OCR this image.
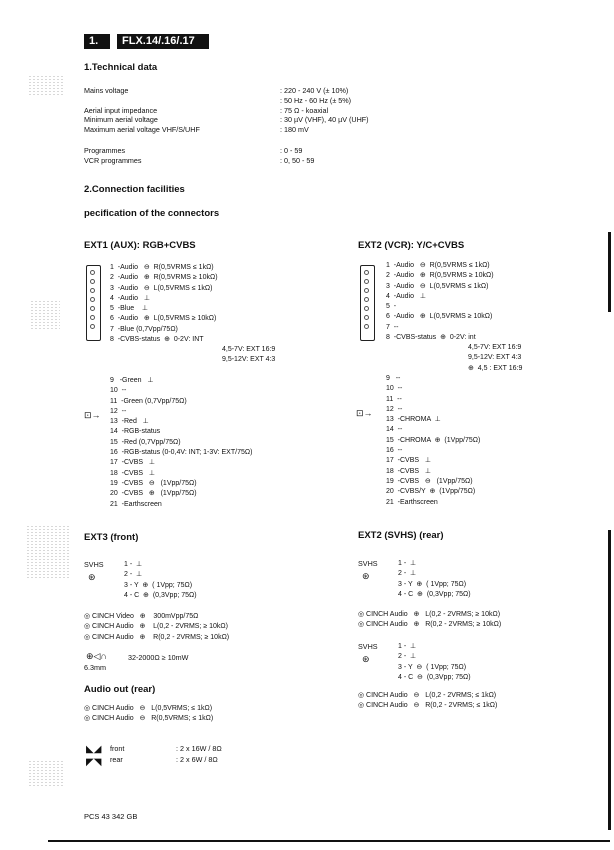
1.	FLX.14/.16/.17
1.Technical data
Mains voltage	: 220 - 240 V (± 10%)
: 50 Hz - 60 Hz (± 5%)
Aerial input impedance	: 75 Ω - koaxial
Minimum aerial voltage	: 30 µV (VHF), 40 µV (UHF)
Maximum aerial voltage VHF/S/UHF	: 180 mV
Programmes	: 0 - 59
VCR programmes	: 0, 50 - 59
2.Connection facilities
pecification of the connectors
EXT1 (AUX): RGB+CVBS
1  -Audio   ⊖  R(0,5VRMS ≤ 1kΩ)
2  -Audio   ⊕  R(0,5VRMS ≥ 10kΩ)
3  -Audio   ⊖  L(0,5VRMS ≤ 1kΩ)
4  -Audio   ⊥
5  -Blue    ⊥
6  -Audio   ⊕  L(0,5VRMS ≥ 10kΩ)
7  -Blue (0,7Vpp/75Ω)
8  -CVBS-status  ⊕  0-2V: INT
4,5-7V: EXT 16:9
9,5-12V: EXT 4:3
⊡→
9   -Green   ⊥
10  --
11  -Green (0,7Vpp/75Ω)
12  --
13  -Red   ⊥
14  -RGB-status
15  -Red (0,7Vpp/75Ω)
16  -RGB-status (0-0,4V: INT; 1-3V: EXT/75Ω)
17  -CVBS   ⊥
18  -CVBS   ⊥
19  -CVBS   ⊖   (1Vpp/75Ω)
20  -CVBS   ⊕   (1Vpp/75Ω)
21  -Earthscreen
EXT2 (VCR): Y/C+CVBS
1  -Audio   ⊖  R(0,5VRMS ≤ 1kΩ)
2  -Audio   ⊕  R(0,5VRMS ≥ 10kΩ)
3  -Audio   ⊖  L(0,5VRMS ≤ 1kΩ)
4  -Audio   ⊥
5  -
6  -Audio   ⊕  L(0,5VRMS ≥ 10kΩ)
7  --
8  -CVBS-status  ⊕  0-2V: int
4,5-7V: EXT 16:9
9,5-12V: EXT 4:3
⊕  4,5 : EXT 16:9
⊡→
9   --
10  --
11  --
12  --
13  -CHROMA  ⊥
14  --
15  -CHROMA  ⊕  (1Vpp/75Ω)
16  --
17  -CVBS   ⊥
18  -CVBS   ⊥
19  -CVBS   ⊖   (1Vpp/75Ω)
20  -CVBS/Y  ⊕  (1Vpp/75Ω)
21  -Earthscreen
EXT3 (front)
SVHS
⊛
1 -  ⊥
2 -  ⊥
3 - Y  ⊕  ( 1Vpp; 75Ω)
4 - C  ⊕  (0,3Vpp; 75Ω)
◎ CINCH Video   ⊕    300mVpp/75Ω
◎ CINCH Audio   ⊕    L(0,2 - 2VRMS; ≥ 10kΩ)
◎ CINCH Audio   ⊕    R(0,2 - 2VRMS; ≥ 10kΩ)
⊕◁∩	32-2000Ω ≥ 10mW
6.3mm
EXT2 (SVHS) (rear)
SVHS
⊛
1 -  ⊥
2 -  ⊥
3 - Y  ⊕  ( 1Vpp; 75Ω)
4 - C  ⊕  (0,3Vpp; 75Ω)
◎ CINCH Audio   ⊕   L(0,2 - 2VRMS; ≥ 10kΩ)
◎ CINCH Audio   ⊕   R(0,2 - 2VRMS; ≥ 10kΩ)
SVHS
⊛
1 -  ⊥
2 -  ⊥
3 - Y  ⊖  ( 1Vpp; 75Ω)
4 - C  ⊖  (0,3Vpp; 75Ω)
◎ CINCH Audio   ⊖   L(0,2 - 2VRMS; ≤ 1kΩ)
◎ CINCH Audio   ⊖   R(0,2 - 2VRMS; ≤ 1kΩ)
Audio out (rear)
◎ CINCH Audio   ⊖   L(0,5VRMS; ≤ 1kΩ)
◎ CINCH Audio   ⊖   R(0,5VRMS; ≤ 1kΩ)
◣◢
◤◥
front	: 2 x 16W / 8Ω
rear	: 2 x 6W / 8Ω
PCS 43 342 GB
